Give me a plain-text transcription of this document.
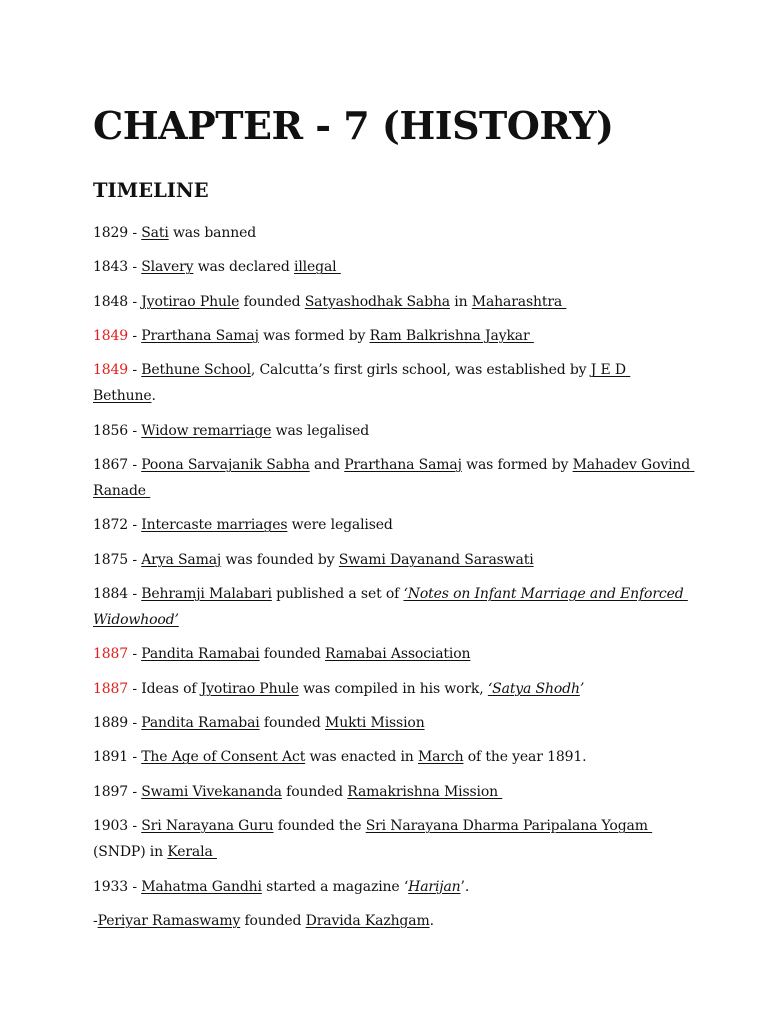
CHAPTER - 7 (HISTORY)
TIMELINE

1829 - Sati was banned

1843 - Slavery was declared illegal

1848 - Jyotirao Phule founded Satyashodhak Sabha in Maharashtra

1849 - Prarthana Samaj was formed by Ram Balkrishna Jaykar

1849 - Bethune School, Calcutta’s first girls school, was established by J E D Bethune.

1856 - Widow remarriage was legalised

1867 - Poona Sarvajanik Sabha and Prarthana Samaj was formed by Mahadev Govind Ranade

1872 - Intercaste marriages were legalised

1875 - Arya Samaj was founded by Swami Dayanand Saraswati

1884 - Behramji Malabari published a set of ‘Notes on Infant Marriage and Enforced Widowhood’

1887 - Pandita Ramabai founded Ramabai Association

1887 - Ideas of Jyotirao Phule was compiled in his work, ‘Satya Shodh’

1889 - Pandita Ramabai founded Mukti Mission

1891 - The Age of Consent Act was enacted in March of the year 1891.

1897 - Swami Vivekananda founded Ramakrishna Mission

1903 - Sri Narayana Guru founded the Sri Narayana Dharma Paripalana Yogam (SNDP) in Kerala

1933 - Mahatma Gandhi started a magazine ‘Harijan’.

-Periyar Ramaswamy founded Dravida Kazhgam.
